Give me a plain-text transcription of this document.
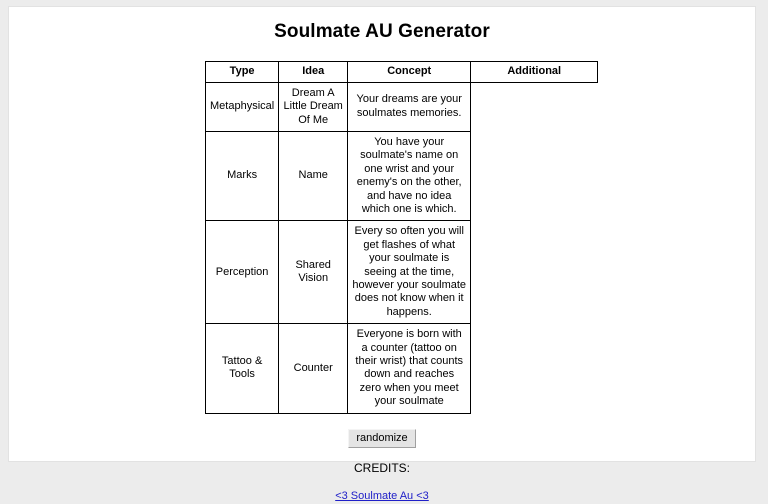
Soulmate AU Generator
Type	Idea	Concept	Additional
Metaphysical	Dream A Little Dream Of Me	Your dreams are your soulmates memories.	
Marks	Name	You have your soulmate's name on one wrist and your enemy's on the other, and have no idea which one is which.	
Perception	Shared Vision	Every so often you will get flashes of what your soulmate is seeing at the time, however your soulmate does not know when it happens.	
Tattoo & Tools	Counter	Everyone is born with a counter (tattoo on their wrist) that counts down and reaches zero when you meet your soulmate	
randomize
CREDITS:
<3 Soulmate Au <3
